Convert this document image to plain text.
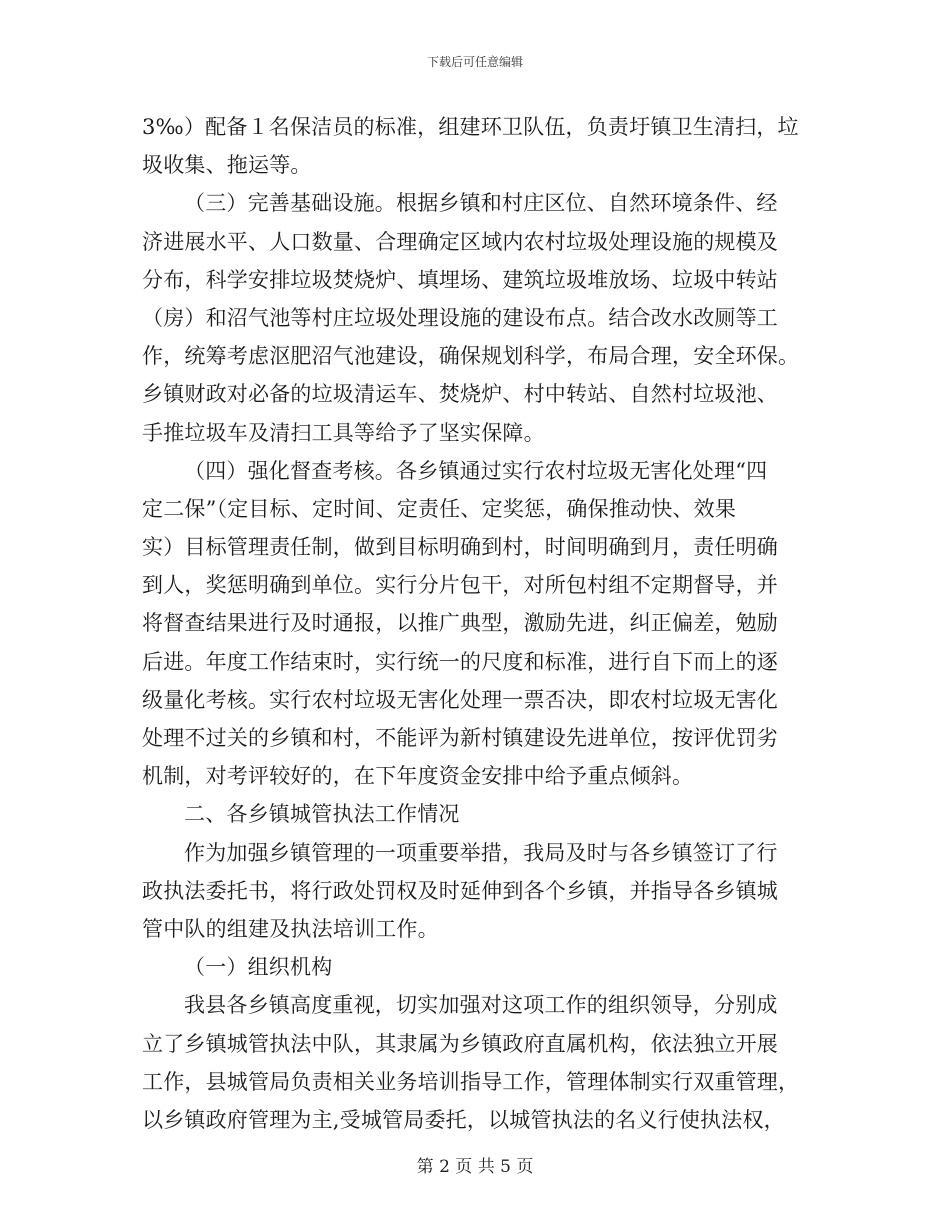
下载后可任意编辑
3‰）配备１名保洁员的标准，组建环卫队伍，负责圩镇卫生清扫，垃
圾收集、拖运等。
（三）完善基础设施。根据乡镇和村庄区位、自然环境条件、经
济进展水平、人口数量、合理确定区域内农村垃圾处理设施的规模及
分布，科学安排垃圾焚烧炉、填埋场、建筑垃圾堆放场、垃圾中转站
（房）和沼气池等村庄垃圾处理设施的建设布点。结合改水改厕等工
作，统筹考虑沤肥沼气池建设，确保规划科学，布局合理，安全环保。
乡镇财政对必备的垃圾清运车、焚烧炉、村中转站、自然村垃圾池、
手推垃圾车及清扫工具等给予了坚实保障。
（四）强化督查考核。各乡镇通过实行农村垃圾无害化处理“四
定二保”（定目标、定时间、定责任、定奖惩，确保推动快、效果
实）目标管理责任制，做到目标明确到村，时间明确到月，责任明确
到人，奖惩明确到单位。实行分片包干，对所包村组不定期督导，并
将督查结果进行及时通报，以推广典型，激励先进，纠正偏差，勉励
后进。年度工作结束时，实行统一的尺度和标准，进行自下而上的逐
级量化考核。实行农村垃圾无害化处理一票否决，即农村垃圾无害化
处理不过关的乡镇和村，不能评为新村镇建设先进单位，按评优罚劣
机制，对考评较好的，在下年度资金安排中给予重点倾斜。
二、各乡镇城管执法工作情况
作为加强乡镇管理的一项重要举措，我局及时与各乡镇签订了行
政执法委托书，将行政处罚权及时延伸到各个乡镇，并指导各乡镇城
管中队的组建及执法培训工作。
（一）组织机构
我县各乡镇高度重视，切实加强对这项工作的组织领导，分别成
立了乡镇城管执法中队，其隶属为乡镇政府直属机构，依法独立开展
工作，县城管局负责相关业务培训指导工作，管理体制实行双重管理，
以乡镇政府管理为主,受城管局委托，以城管执法的名义行使执法权，
第 2 页 共 5 页
